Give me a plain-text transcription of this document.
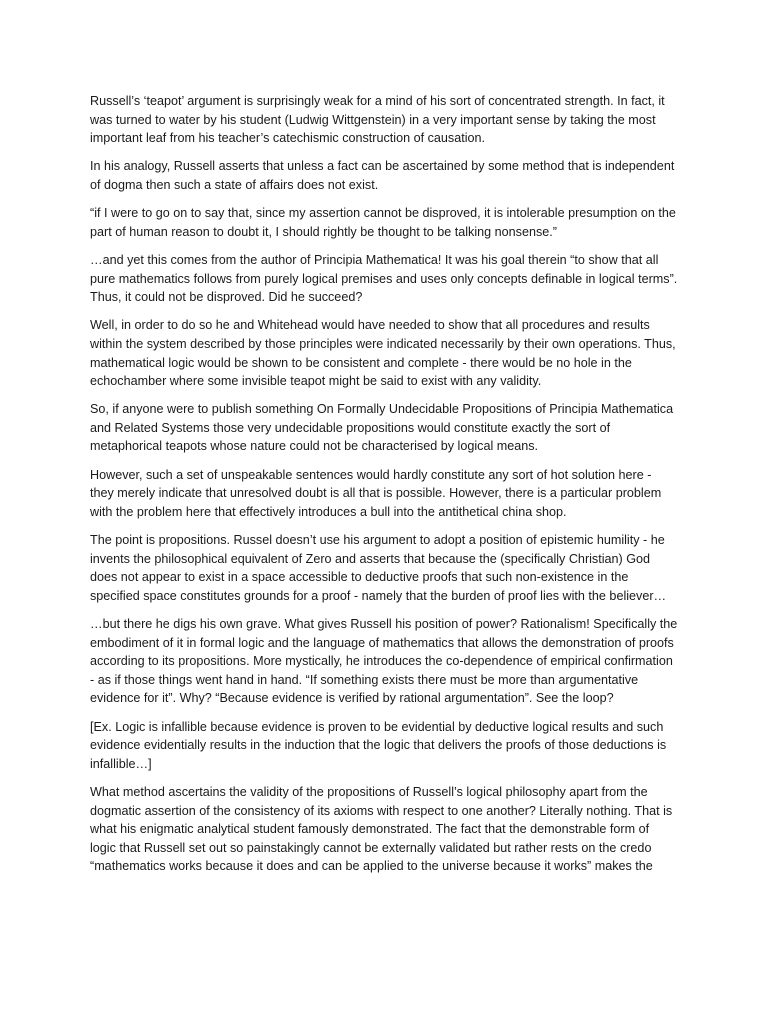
Russell’s ‘teapot’ argument is surprisingly weak for a mind of his sort of concentrated strength. In fact, it was turned to water by his student (Ludwig Wittgenstein) in a very important sense by taking the most important leaf from his teacher’s catechismic construction of causation.

In his analogy, Russell asserts that unless a fact can be ascertained by some method that is independent of dogma then such a state of affairs does not exist.

“if I were to go on to say that, since my assertion cannot be disproved, it is intolerable presumption on the part of human reason to doubt it, I should rightly be thought to be talking nonsense.”

…and yet this comes from the author of Principia Mathematica! It was his goal therein “to show that all pure mathematics follows from purely logical premises and uses only concepts definable in logical terms”. Thus, it could not be disproved. Did he succeed?

Well, in order to do so he and Whitehead would have needed to show that all procedures and results within the system described by those principles were indicated necessarily by their own operations. Thus, mathematical logic would be shown to be consistent and complete - there would be no hole in the echochamber where some invisible teapot might be said to exist with any validity.

So, if anyone were to publish something On Formally Undecidable Propositions of Principia Mathematica and Related Systems those very undecidable propositions would constitute exactly the sort of metaphorical teapots whose nature could not be characterised by logical means.

However, such a set of unspeakable sentences would hardly constitute any sort of hot solution here - they merely indicate that unresolved doubt is all that is possible. However, there is a particular problem with the problem here that effectively introduces a bull into the antithetical china shop.

The point is propositions. Russel doesn’t use his argument to adopt a position of epistemic humility - he invents the philosophical equivalent of Zero and asserts that because the (specifically Christian) God does not appear to exist in a space accessible to deductive proofs that such non-existence in the specified space constitutes grounds for a proof - namely that the burden of proof lies with the believer…

…but there he digs his own grave. What gives Russell his position of power? Rationalism! Specifically the embodiment of it in formal logic and the language of mathematics that allows the demonstration of proofs according to its propositions. More mystically, he introduces the co-dependence of empirical confirmation - as if those things went hand in hand. “If something exists there must be more than argumentative evidence for it”. Why? “Because evidence is verified by rational argumentation”. See the loop?

[Ex. Logic is infallible because evidence is proven to be evidential by deductive logical results and such evidence evidentially results in the induction that the logic that delivers the proofs of those deductions is infallible…]

What method ascertains the validity of the propositions of Russell’s logical philosophy apart from the dogmatic assertion of the consistency of its axioms with respect to one another? Literally nothing. That is what his enigmatic analytical student famously demonstrated. The fact that the demonstrable form of logic that Russell set out so painstakingly cannot be externally validated but rather rests on the credo “mathematics works because it does and can be applied to the universe because it works” makes the
